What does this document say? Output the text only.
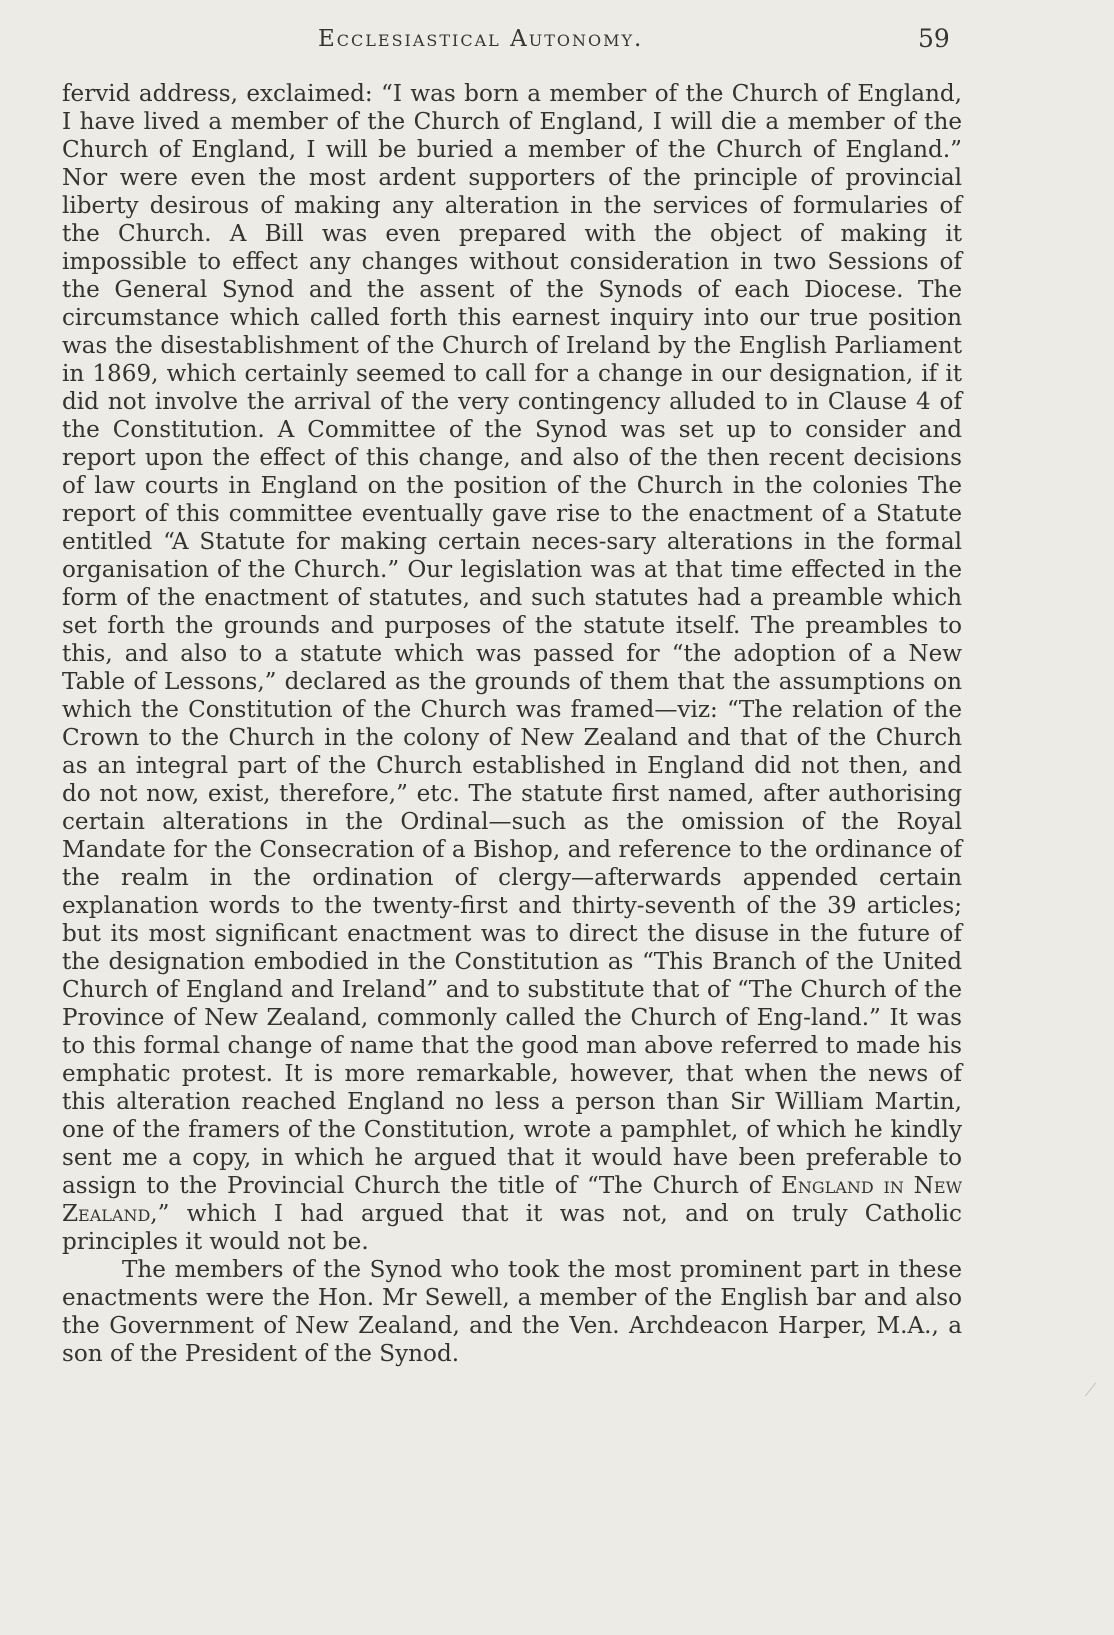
Ecclesiastical Autonomy.	59

fervid address, exclaimed: “I was born a member of the Church of England, I have lived a member of the Church of England, I will die a member of the Church of England, I will be buried a member of the Church of England.” Nor were even the most ardent supporters of the principle of provincial liberty desirous of making any alteration in the services of formularies of the Church. A Bill was even prepared with the object of making it impossible to effect any changes without consideration in two Sessions of the General Synod and the assent of the Synods of each Diocese. The circumstance which called forth this earnest inquiry into our true position was the disestablishment of the Church of Ireland by the English Parliament in 1869, which certainly seemed to call for a change in our designation, if it did not involve the arrival of the very contingency alluded to in Clause 4 of the Constitution. A Committee of the Synod was set up to consider and report upon the effect of this change, and also of the then recent decisions of law courts in England on the position of the Church in the colonies The report of this committee eventually gave rise to the enactment of a Statute entitled “A Statute for making certain neces-sary alterations in the formal organisation of the Church.” Our legislation was at that time effected in the form of the enactment of statutes, and such statutes had a preamble which set forth the grounds and purposes of the statute itself. The preambles to this, and also to a statute which was passed for “the adoption of a New Table of Lessons,” declared as the grounds of them that the assumptions on which the Constitution of the Church was framed—viz: “The relation of the Crown to the Church in the colony of New Zealand and that of the Church as an integral part of the Church established in England did not then, and do not now, exist, therefore,” etc. The statute first named, after authorising certain alterations in the Ordinal—such as the omission of the Royal Mandate for the Consecration of a Bishop, and reference to the ordinance of the realm in the ordination of clergy—afterwards appended certain explanation words to the twenty-first and thirty-seventh of the 39 articles; but its most significant enactment was to direct the disuse in the future of the designation embodied in the Constitution as “This Branch of the United Church of England and Ireland” and to substitute that of “The Church of the Province of New Zealand, commonly called the Church of Eng-land.” It was to this formal change of name that the good man above referred to made his emphatic protest. It is more remarkable, however, that when the news of this alteration reached England no less a person than Sir William Martin, one of the framers of the Constitution, wrote a pamphlet, of which he kindly sent me a copy, in which he argued that it would have been preferable to assign to the Provincial Church the title of “The Church of England in New Zealand,” which I had argued that it was not, and on truly Catholic principles it would not be.

The members of the Synod who took the most prominent part in these enactments were the Hon. Mr Sewell, a member of the English bar and also the Government of New Zealand, and the Ven. Archdeacon Harper, M.A., a son of the President of the Synod.
